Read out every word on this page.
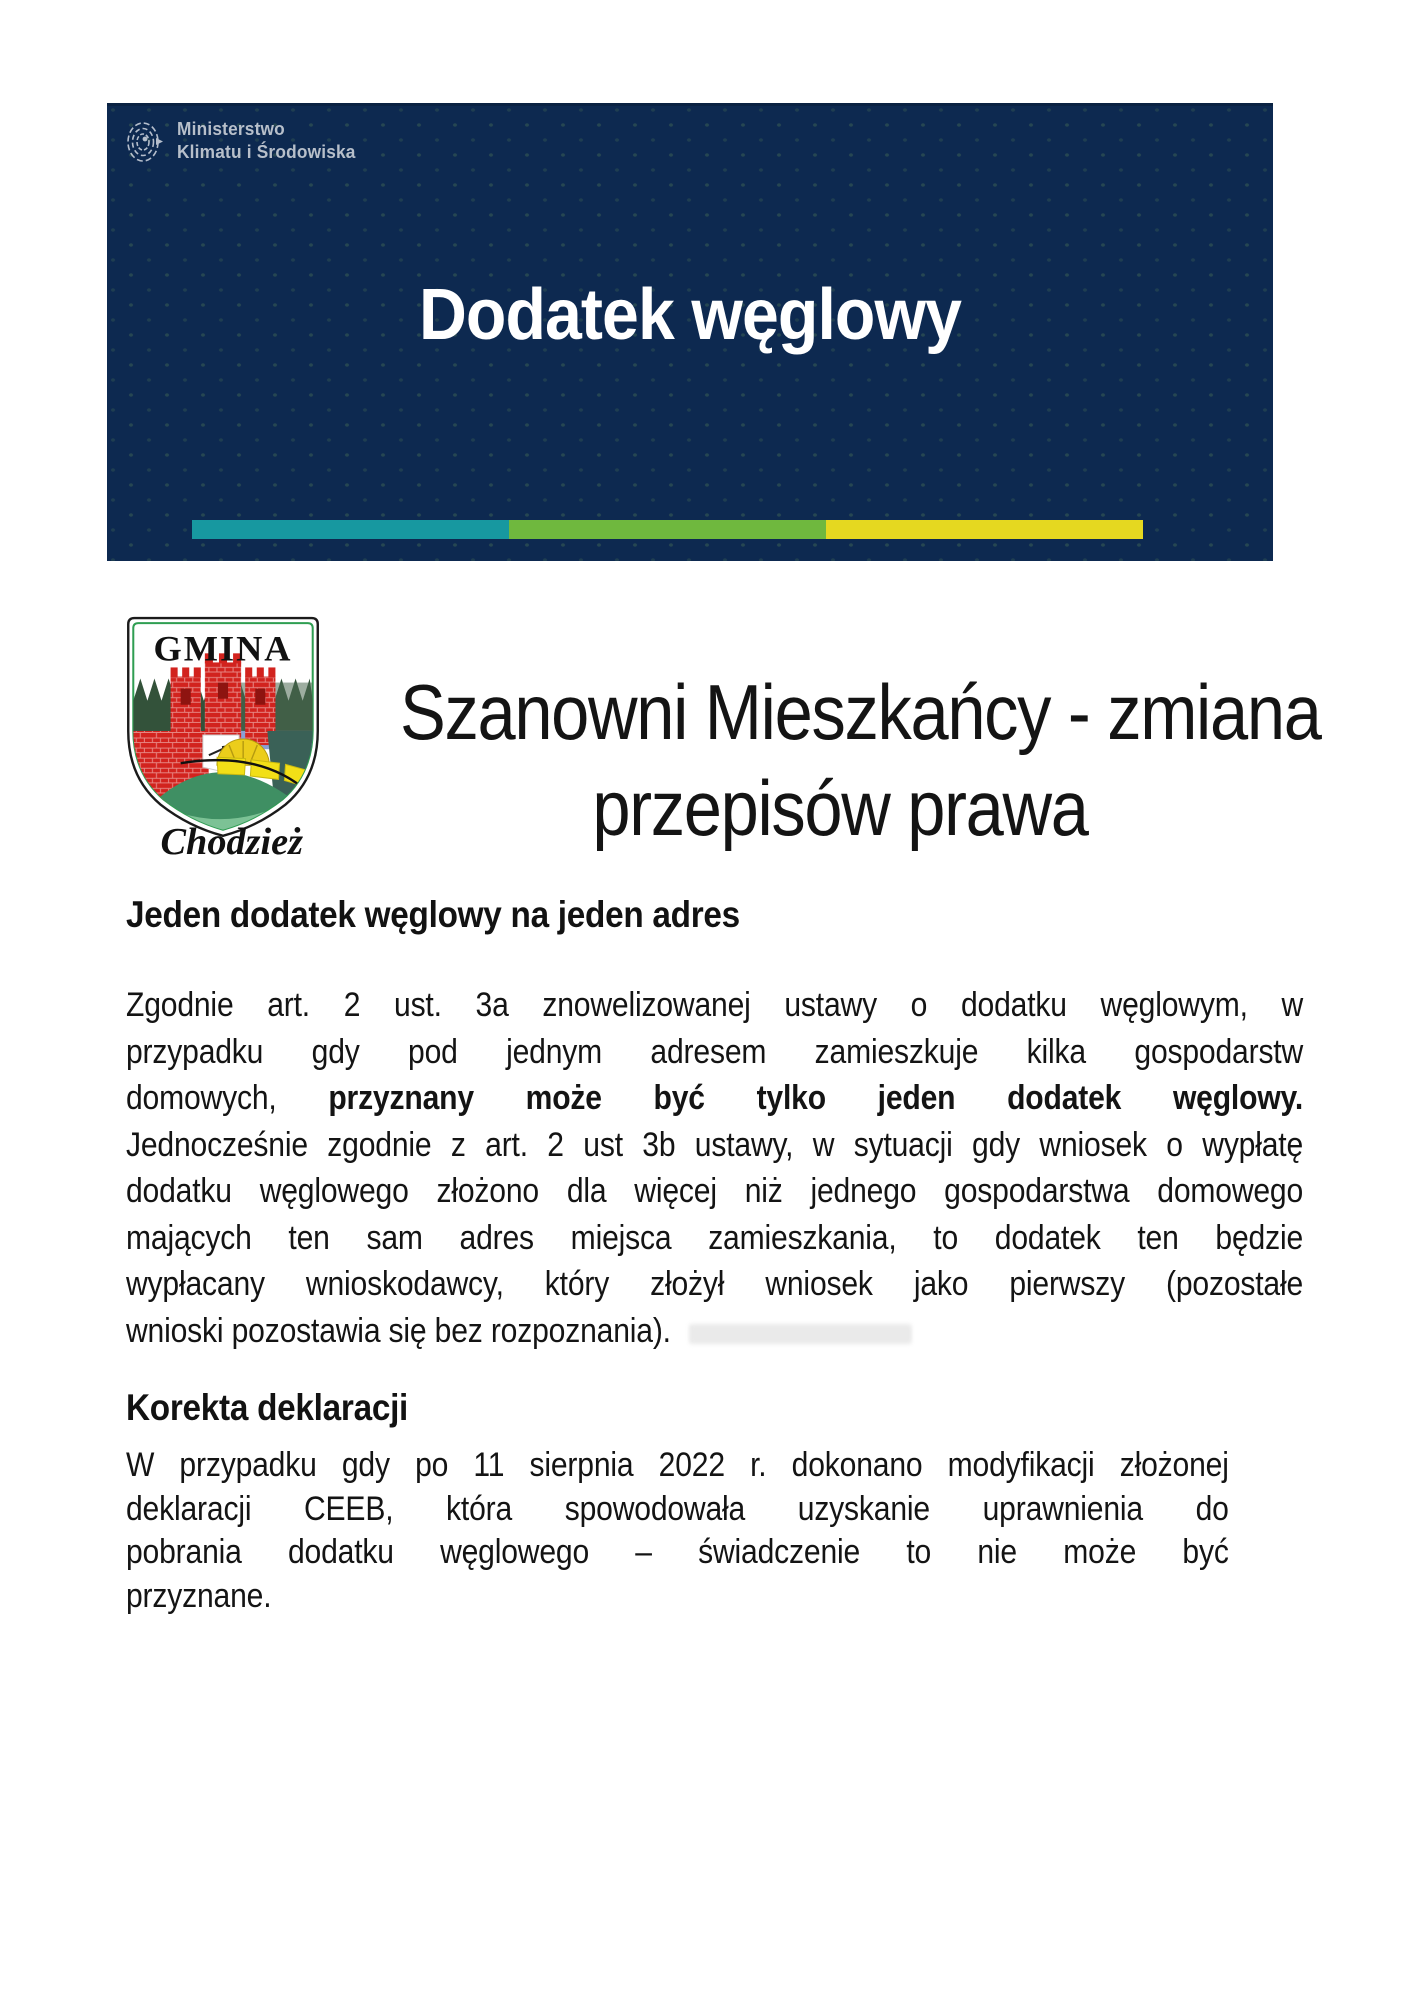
Ministerstwo
Klimatu i Środowiska
Dodatek węglowy
GMINA
Chodzież
Szanowni Mieszkańcy - zmiana
przepisów prawa
Jeden dodatek węglowy na jeden adres
Zgodnie art. 2 ust. 3a znowelizowanej ustawy o dodatku węglowym, w
przypadku gdy pod jednym adresem zamieszkuje kilka gospodarstw
domowych, przyznany może być tylko jeden dodatek węglowy.
Jednocześnie zgodnie z art. 2 ust 3b ustawy, w sytuacji gdy wniosek o wypłatę
dodatku węglowego złożono dla więcej niż jednego gospodarstwa domowego
mających ten sam adres miejsca zamieszkania, to dodatek ten będzie
wypłacany wnioskodawcy, który złożył wniosek jako pierwszy (pozostałe
wnioski pozostawia się bez rozpoznania).
Korekta deklaracji
W przypadku gdy po 11 sierpnia 2022 r. dokonano modyfikacji złożonej
deklaracji CEEB, która spowodowała uzyskanie uprawnienia do
pobrania dodatku węglowego – świadczenie to nie może być
przyznane.
